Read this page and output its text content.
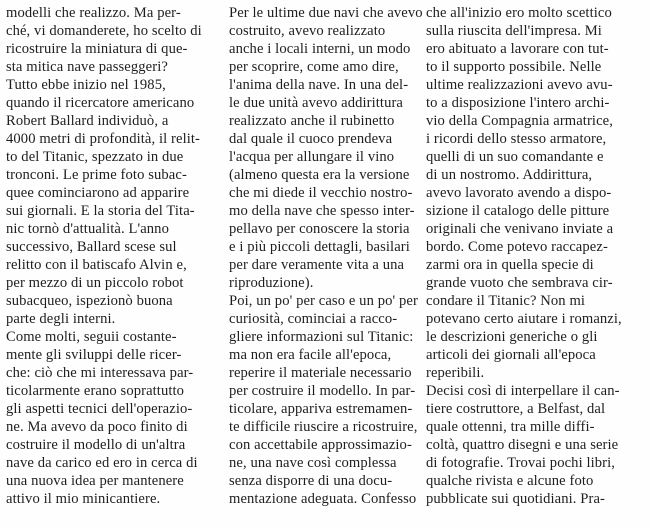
modelli che realizzo. Ma per-
ché, vi domanderete, ho scelto di
ricostruire la miniatura di que-
sta mitica nave passeggeri?
Tutto ebbe inizio nel 1985,
quando il ricercatore americano
Robert Ballard individuò, a
4000 metri di profondità, il relit-
to del Titanic, spezzato in due
tronconi. Le prime foto subac-
quee cominciarono ad apparire
sui giornali. E la storia del Tita-
nic tornò d'attualità. L'anno
successivo, Ballard scese sul
relitto con il batiscafo Alvin e,
per mezzo di un piccolo robot
subacqueo, ispezionò buona
parte degli interni.
Come molti, seguii costante-
mente gli sviluppi delle ricer-
che: ciò che mi interessava par-
ticolarmente erano soprattutto
gli aspetti tecnici dell'operazio-
ne. Ma avevo da poco finito di
costruire il modello di un'altra
nave da carico ed ero in cerca di
una nuova idea per mantenere
attivo il mio minicantiere.
Per le ultime due navi che avevo
costruito, avevo realizzato
anche i locali interni, un modo
per scoprire, come amo dire,
l'anima della nave. In una del-
le due unità avevo addirittura
realizzato anche il rubinetto
dal quale il cuoco prendeva
l'acqua per allungare il vino
(almeno questa era la versione
che mi diede il vecchio nostro-
mo della nave che spesso inter-
pellavo per conoscere la storia
e i più piccoli dettagli, basilari
per dare veramente vita a una
riproduzione).
Poi, un po' per caso e un po' per
curiosità, cominciai a racco-
gliere informazioni sul Titanic:
ma non era facile all'epoca,
reperire il materiale necessario
per costruire il modello. In par-
ticolare, appariva estremamen-
te difficile riuscire a ricostruire,
con accettabile approssimazio-
ne, una nave così complessa
senza disporre di una docu-
mentazione adeguata. Confesso
che all'inizio ero molto scettico
sulla riuscita dell'impresa. Mi
ero abituato a lavorare con tut-
to il supporto possibile. Nelle
ultime realizzazioni avevo avu-
to a disposizione l'intero archi-
vio della Compagnia armatrice,
i ricordi dello stesso armatore,
quelli di un suo comandante e
di un nostromo. Addirittura,
avevo lavorato avendo a dispo-
sizione il catalogo delle pitture
originali che venivano inviate a
bordo. Come potevo raccapez-
zarmi ora in quella specie di
grande vuoto che sembrava cir-
condare il Titanic? Non mi
potevano certo aiutare i romanzi,
le descrizioni generiche o gli
articoli dei giornali all'epoca
reperibili.
Decisi così di interpellare il can-
tiere costruttore, a Belfast, dal
quale ottenni, tra mille diffi-
coltà, quattro disegni e una serie
di fotografie. Trovai pochi libri,
qualche rivista e alcune foto
pubblicate sui quotidiani. Pra-
